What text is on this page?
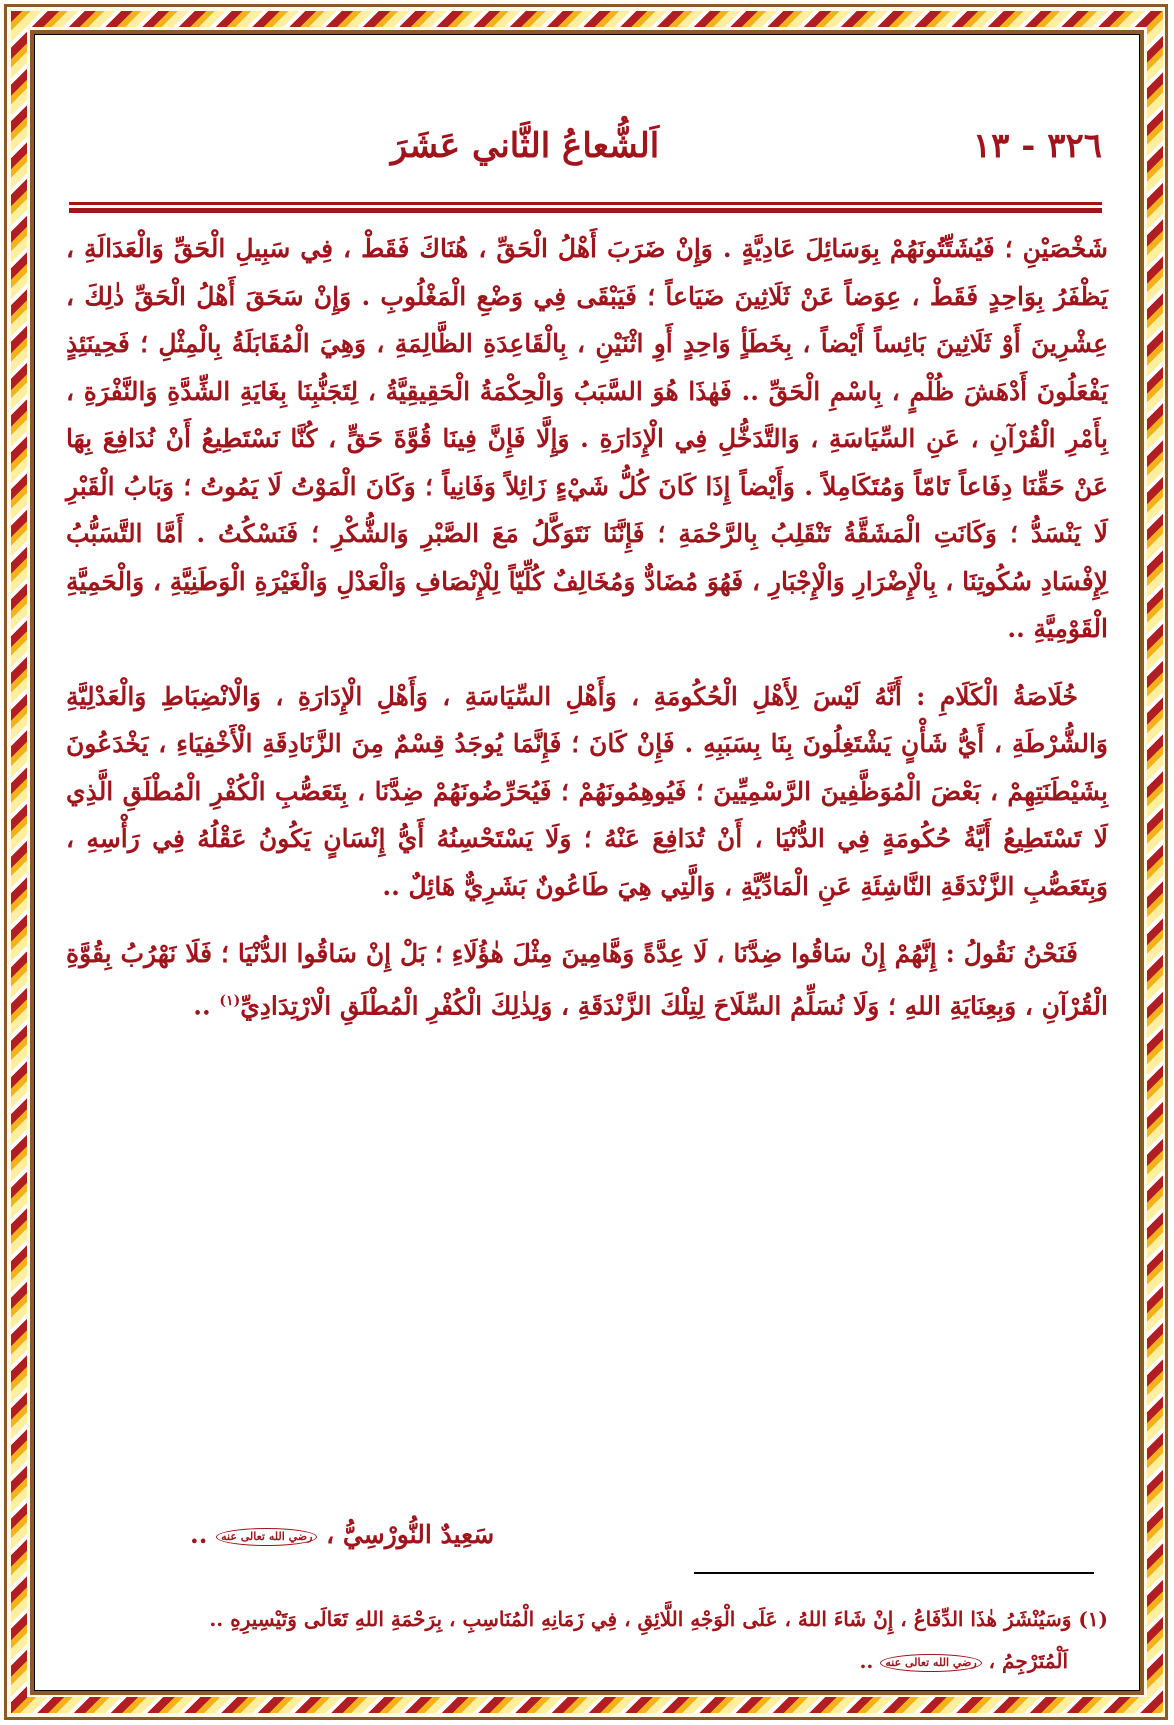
٣٢٦ - ١٣
اَلشُّعاعُ الثَّاني عَشَرَ

شَخْصَيْنِ ؛ فَيُشَتِّتُونَهُمْ بِوَسَائِلَ عَادِيَّةٍ . وَإِنْ ضَرَبَ أَهْلُ الْحَقِّ ، هُنَاكَ فَقَطْ ، فِي سَبِيلِ الْحَقِّ وَالْعَدَالَةِ ، يَظْفَرُ بِوَاحِدٍ فَقَطْ ، عِوَضاً عَنْ ثَلَاثِينَ ضَيَاعاً ؛ فَيَبْقَى فِي وَضْعِ الْمَغْلُوبِ . وَإِنْ سَحَقَ أَهْلُ الْحَقِّ ذٰلِكَ ، عِشْرِينَ أَوْ ثَلَاثِينَ بَائِساً أَيْضاً ، بِخَطَأٍ وَاحِدٍ أَوِ اثْنَيْنِ ، بِالْقَاعِدَةِ الظَّالِمَةِ ، وَهِيَ الْمُقَابَلَةُ بِالْمِثْلِ ؛ فَحِينَئِذٍ يَفْعَلُونَ أَدْهَشَ ظُلْمٍ ، بِاسْمِ الْحَقِّ .. فَهٰذَا هُوَ السَّبَبُ وَالْحِكْمَةُ الْحَقِيقِيَّةُ ، لِتَجَنُّبِنَا بِغَايَةِ الشِّدَّةِ وَالنَّفْرَةِ ، بِأَمْرِ الْقُرْآنِ ، عَنِ السِّيَاسَةِ ، وَالتَّدَخُّلِ فِي الْإِدَارَةِ . وَإِلَّا فَإِنَّ فِينَا قُوَّةَ حَقٍّ ، كُنَّا نَسْتَطِيعُ أَنْ نُدَافِعَ بِهَا عَنْ حَقِّنَا دِفَاعاً تَامّاً وَمُتَكَامِلاً . وَأَيْضاً إِذَا كَانَ كُلُّ شَيْءٍ زَائِلاً وَفَانِياً ؛ وَكَانَ الْمَوْتُ لَا يَمُوتُ ؛ وَبَابُ الْقَبْرِ لَا يَنْسَدُّ ؛ وَكَانَتِ الْمَشَقَّةُ تَنْقَلِبُ بِالرَّحْمَةِ ؛ فَإِنَّنَا نَتَوَكَّلُ مَعَ الصَّبْرِ وَالشُّكْرِ ؛ فَنَسْكُتُ . أَمَّا التَّسَبُّبُ لِإِفْسَادِ سُكُوتِنَا ، بِالْإِضْرَارِ وَالْإِجْبَارِ ، فَهُوَ مُضَادٌّ وَمُخَالِفٌ كُلِّيّاً لِلْإِنْصَافِ وَالْعَدْلِ وَالْغَيْرَةِ الْوَطَنِيَّةِ ، وَالْحَمِيَّةِ الْقَوْمِيَّةِ ..

خُلَاصَةُ الْكَلَامِ : أَنَّهُ لَيْسَ لِأَهْلِ الْحُكُومَةِ ، وَأَهْلِ السِّيَاسَةِ ، وَأَهْلِ الْإِدَارَةِ ، وَالْانْضِبَاطِ وَالْعَدْلِيَّةِ وَالشُّرْطَةِ ، أَيُّ شَأْنٍ يَشْتَغِلُونَ بِنَا بِسَبَبِهِ . فَإِنْ كَانَ ؛ فَإِنَّمَا يُوجَدُ قِسْمٌ مِنَ الزَّنَادِقَةِ الْأَخْفِيَاءِ ، يَخْدَعُونَ بِشَيْطَنَتِهِمْ ، بَعْضَ الْمُوَظَّفِينَ الرَّسْمِيِّينَ ؛ فَيُوهِمُونَهُمْ ؛ فَيُحَرِّضُونَهُمْ ضِدَّنَا ، بِتَعَصُّبِ الْكُفْرِ الْمُطْلَقِ الَّذِي لَا تَسْتَطِيعُ أَيَّةُ حُكُومَةٍ فِي الدُّنْيَا ، أَنْ تُدَافِعَ عَنْهُ ؛ وَلَا يَسْتَحْسِنُهُ أَيُّ إِنْسَانٍ يَكُونُ عَقْلُهُ فِي رَأْسِهِ ، وَبِتَعَصُّبِ الزَّنْدَقَةِ النَّاشِئَةِ عَنِ الْمَادِّيَّةِ ، وَالَّتِي هِيَ طَاعُونٌ بَشَرِيٌّ هَائِلٌ ..

فَنَحْنُ نَقُولُ : إِنَّهُمْ إِنْ سَاقُوا ضِدَّنَا ، لَا عِدَّةً وَهَّامِينَ مِثْلَ هٰؤُلَاءِ ؛ بَلْ إِنْ سَاقُوا الدُّنْيَا ؛ فَلَا نَهْرُبُ بِقُوَّةِ الْقُرْآنِ ، وَبِعِنَايَةِ اللهِ ؛ وَلَا نُسَلِّمُ السِّلَاحَ لِتِلْكَ الزَّنْدَقَةِ ، وَلِذٰلِكَ الْكُفْرِ الْمُطْلَقِ الْارْتِدَادِيِّ$^{(١)}$ ..

سَعِيدٌ النُّورْسِيُّ ، رضي الله تعالى عنه ..

(١) وَسَيُنْشَرُ هٰذَا الدِّفَاعُ ، إِنْ شَاءَ اللهُ ، عَلَى الْوَجْهِ اللَّائِقِ ، فِي زَمَانِهِ الْمُنَاسِبِ ، بِرَحْمَةِ اللهِ تَعَالَى وَتَيْسِيرِهِ ..

اَلْمُتَرْجِمُ ، رضي الله تعالى عنه ..
